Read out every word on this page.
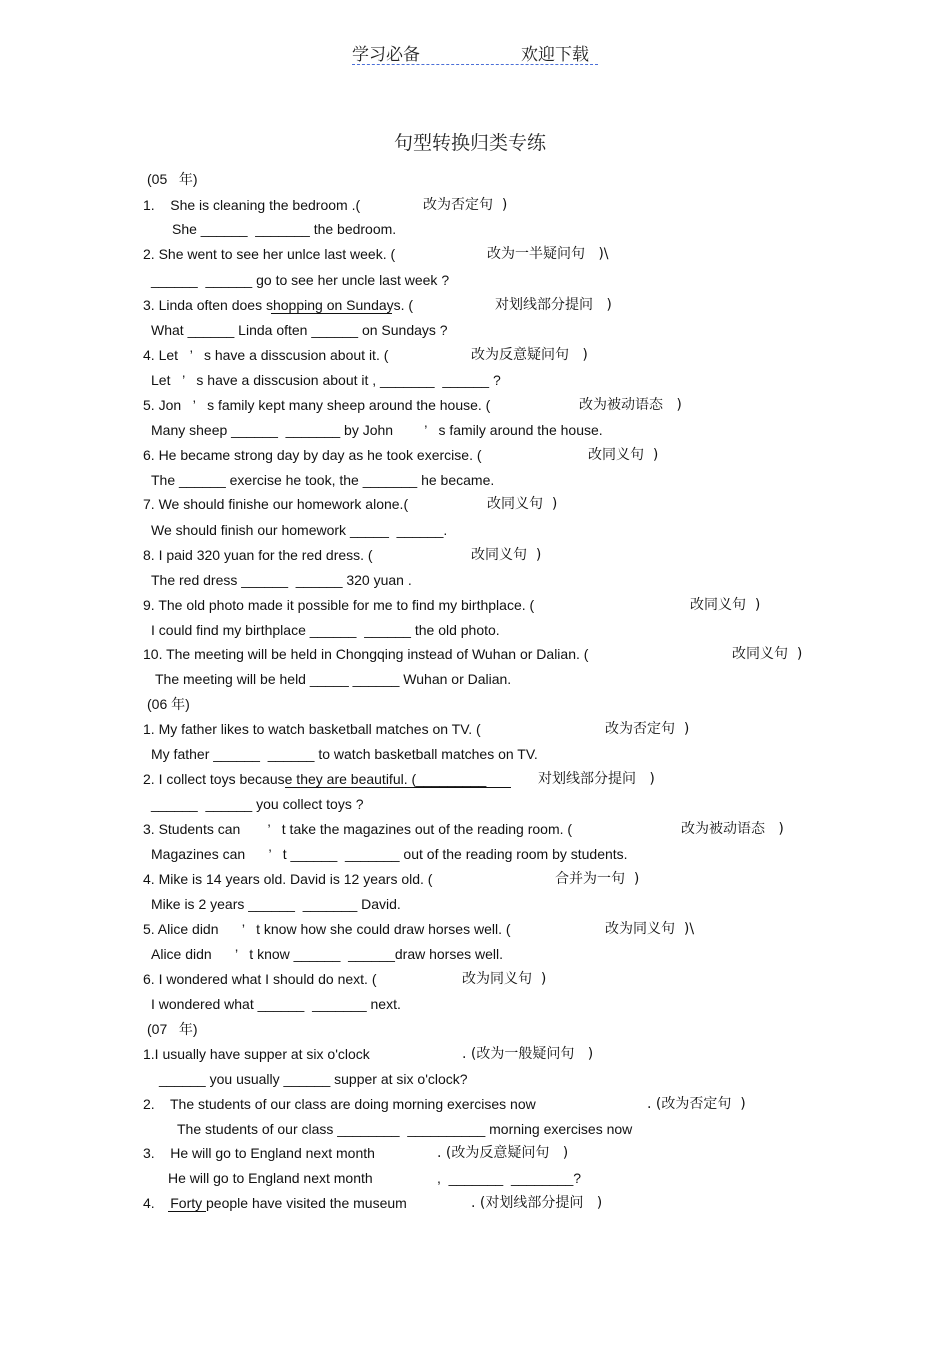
学习必备	欢迎下载
句型转换归类专练
(05   年)
1.    She is cleaning the bedroom .(	改为否定句  )
She ______  _______ the bedroom.
2. She went to see her unlce last week. (	改为一半疑问句   )\
______  ______ go to see her uncle last week ?
3. Linda often does shopping on Sundays. (	对划线部分提问   )
What ______ Linda often ______ on Sundays ?
4. Let   ’   s have a disscusion about it. (	改为反意疑问句   )
Let   ’   s have a disscusion about it , _______  ______ ?
5. Jon   ’   s family kept many sheep around the house. (	改为被动语态   )
Many sheep ______  _______ by John        ’   s family around the house.
6. He became strong day by day as he took exercise. (	改同义句  )
The ______ exercise he took, the _______ he became.
7. We should finishe our homework alone.(	改同义句  )
We should finish our homework _____  ______.
8. I paid 320 yuan for the red dress. (	改同义句  )
The red dress ______  ______ 320 yuan .
9. The old photo made it possible for me to find my birthplace. (	改同义句  )
I could find my birthplace ______  ______ the old photo.
10. The meeting will be held in Chongqing instead of Wuhan or Dalian. (	改同义句  )
The meeting will be held _____ ______ Wuhan or Dalian.
(06 年)
1. My father likes to watch basketball matches on TV. (	改为否定句  )
My father ______  ______ to watch basketball matches on TV.
2. I collect toys because they are beautiful. (_________	对划线部分提问   )
______  ______ you collect toys ?
3. Students can       ’   t take the magazines out of the reading room. (	改为被动语态   )
Magazines can      ’   t ______  _______ out of the reading room by students.
4. Mike is 14 years old. David is 12 years old. (	合并为一句  )
Mike is 2 years ______  _______ David.
5. Alice didn      ’   t know how she could draw horses well. (	改为同义句  )\
Alice didn      ’   t know ______  ______draw horses well.
6. I wondered what I should do next. (	改为同义句  )
I wondered what ______  _______ next.
(07   年)
1.I usually have supper at six o'clock	. (改为一般疑问句   )
______ you usually ______ supper at six o'clock?
2.    The students of our class are doing morning exercises now	. (改为否定句  )
The students of our class ________  __________ morning exercises now
3.    He will go to England next month	. (改为反意疑问句   )
He will go to England next month	,  _______  ________?
4.    Forty people have visited the museum	. (对划线部分提问   )
